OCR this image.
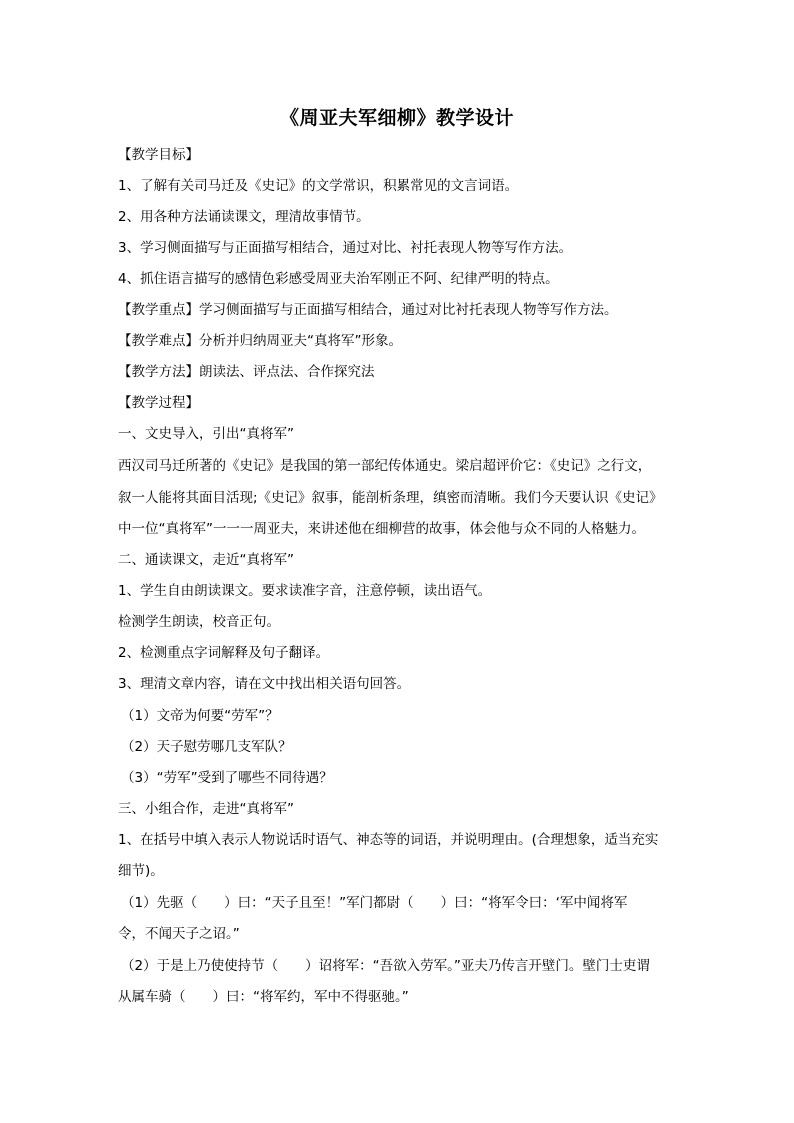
《周亚夫军细柳》教学设计
【教学目标】
1、了解有关司马迁及《史记》的文学常识，积累常见的文言词语。
2、用各种方法诵读课文，理清故事情节。
3、学习侧面描写与正面描写相结合，通过对比、衬托表现人物等写作方法。
4、抓住语言描写的感情色彩感受周亚夫治军刚正不阿、纪律严明的特点。
【教学重点】学习侧面描写与正面描写相结合，通过对比衬托表现人物等写作方法。
【教学难点】分析并归纳周亚夫“真将军”形象。
【教学方法】朗读法、评点法、合作探究法
【教学过程】
一、文史导入，引出“真将军”
西汉司马迁所著的《史记》是我国的第一部纪传体通史。梁启超评价它：《史记》之行文，
叙一人能将其面目活现;《史记》叙事，能剖析条理，缜密而清晰。我们今天要认识《史记》
中一位“真将军”一一一周亚夫，来讲述他在细柳营的故事，体会他与众不同的人格魅力。
二、通读课文，走近“真将军”
1、学生自由朗读课文。要求读准字音，注意停顿，读出语气。
检测学生朗读，校音正句。
2、检测重点字词解释及句子翻译。
3、理清文章内容，请在文中找出相关语句回答。
（1）文帝为何要“劳军”？
（2）天子慰劳哪几支军队？
（3）“劳军”受到了哪些不同待遇？
三、小组合作，走进“真将军”
1、在括号中填入表示人物说话时语气、神态等的词语，并说明理由。(合理想象，适当充实
细节)。
（1）先驱（　　）曰：“天子且至！”军门都尉（　　）曰：“将军令曰：‘军中闻将军
令，不闻天子之诏。”
（2）于是上乃使使持节（　　）诏将军：“吾欲入劳军。”亚夫乃传言开壁门。壁门士吏谓
从属车骑（　　）曰：“将军约，军中不得驱驰。”
